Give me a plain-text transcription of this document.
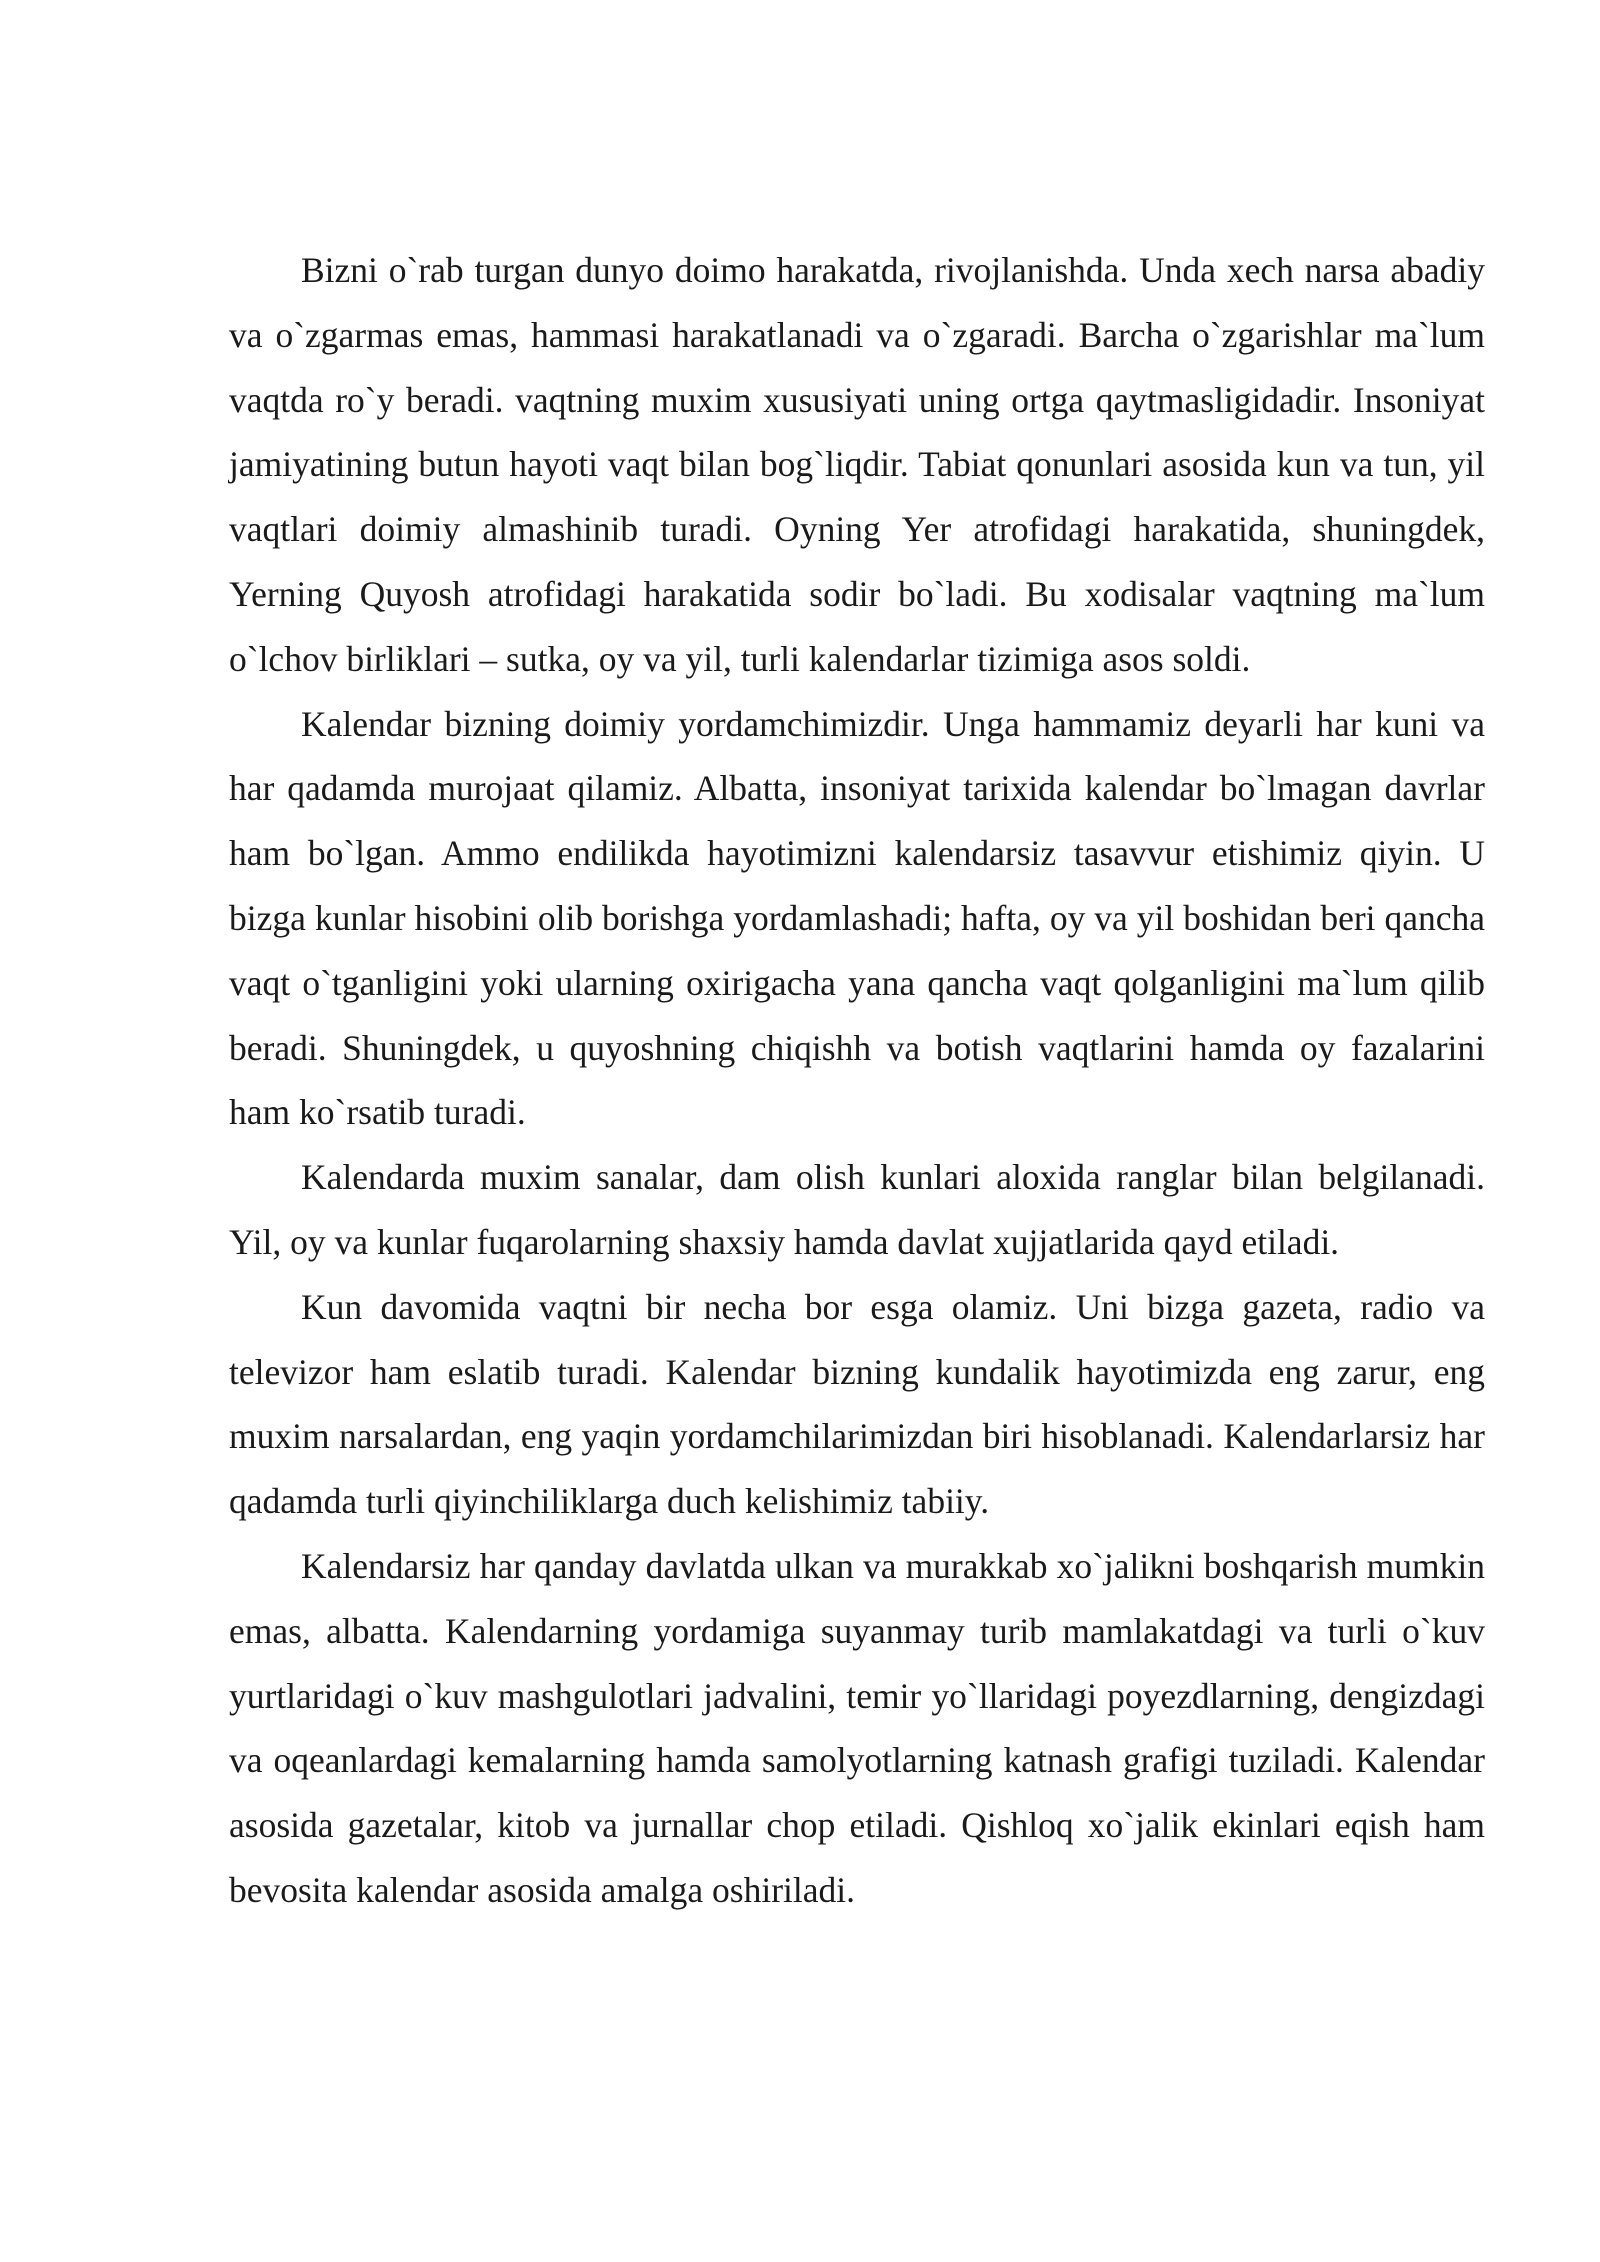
Bizni o`rab turgan dunyo doimo harakatda, rivojlanishda. Unda xech narsa abadiy va o`zgarmas emas, hammasi harakatlanadi va o`zgaradi. Barcha o`zgarishlar ma`lum vaqtda ro`y beradi. vaqtning muxim xususiyati uning ortga qaytmasligidadir. Insoniyat jamiyatining butun hayoti vaqt bilan bog`liqdir. Tabiat qonunlari asosida kun va tun, yil vaqtlari doimiy almashinib turadi. Oyning Yer atrofidagi harakatida, shuningdek, Yerning Quyosh atrofidagi harakatida sodir bo`ladi. Bu xodisalar vaqtning ma`lum o`lchov birliklari – sutka, oy va yil, turli kalendarlar tizimiga asos soldi.

Kalendar bizning doimiy yordamchimizdir. Unga hammamiz deyarli har kuni va har qadamda murojaat qilamiz. Albatta, insoniyat tarixida kalendar bo`lmagan davrlar ham bo`lgan. Ammo endilikda hayotimizni kalendarsiz tasavvur etishimiz qiyin. U bizga kunlar hisobini olib borishga yordamlashadi; hafta, oy va yil boshidan beri qancha vaqt o`tganligini yoki ularning oxirigacha yana qancha vaqt qolganligini ma`lum qilib beradi. Shuningdek, u quyoshning chiqishh va botish vaqtlarini hamda oy fazalarini ham ko`rsatib turadi.

Kalendarda muxim sanalar, dam olish kunlari aloxida ranglar bilan belgilanadi. Yil, oy va kunlar fuqarolarning shaxsiy hamda davlat xujjatlarida qayd etiladi.

Kun davomida vaqtni bir necha bor esga olamiz. Uni bizga gazeta, radio va televizor ham eslatib turadi. Kalendar bizning kundalik hayotimizda eng zarur, eng muxim narsalardan, eng yaqin yordamchilarimizdan biri hisoblanadi. Kalendarlarsiz har qadamda turli qiyinchiliklarga duch kelishimiz tabiiy.

Kalendarsiz har qanday davlatda ulkan va murakkab xo`jalikni boshqarish mumkin emas, albatta. Kalendarning yordamiga suyanmay turib mamlakatdagi va turli o`kuv yurtlaridagi o`kuv mashgulotlari jadvalini, temir yo`llaridagi poyezdlarning, dengizdagi va oqeanlardagi kemalarning hamda samolyotlarning katnash grafigi tuziladi. Kalendar asosida gazetalar, kitob va jurnallar chop etiladi. Qishloq xo`jalik ekinlari eqish ham bevosita kalendar asosida amalga oshiriladi.
